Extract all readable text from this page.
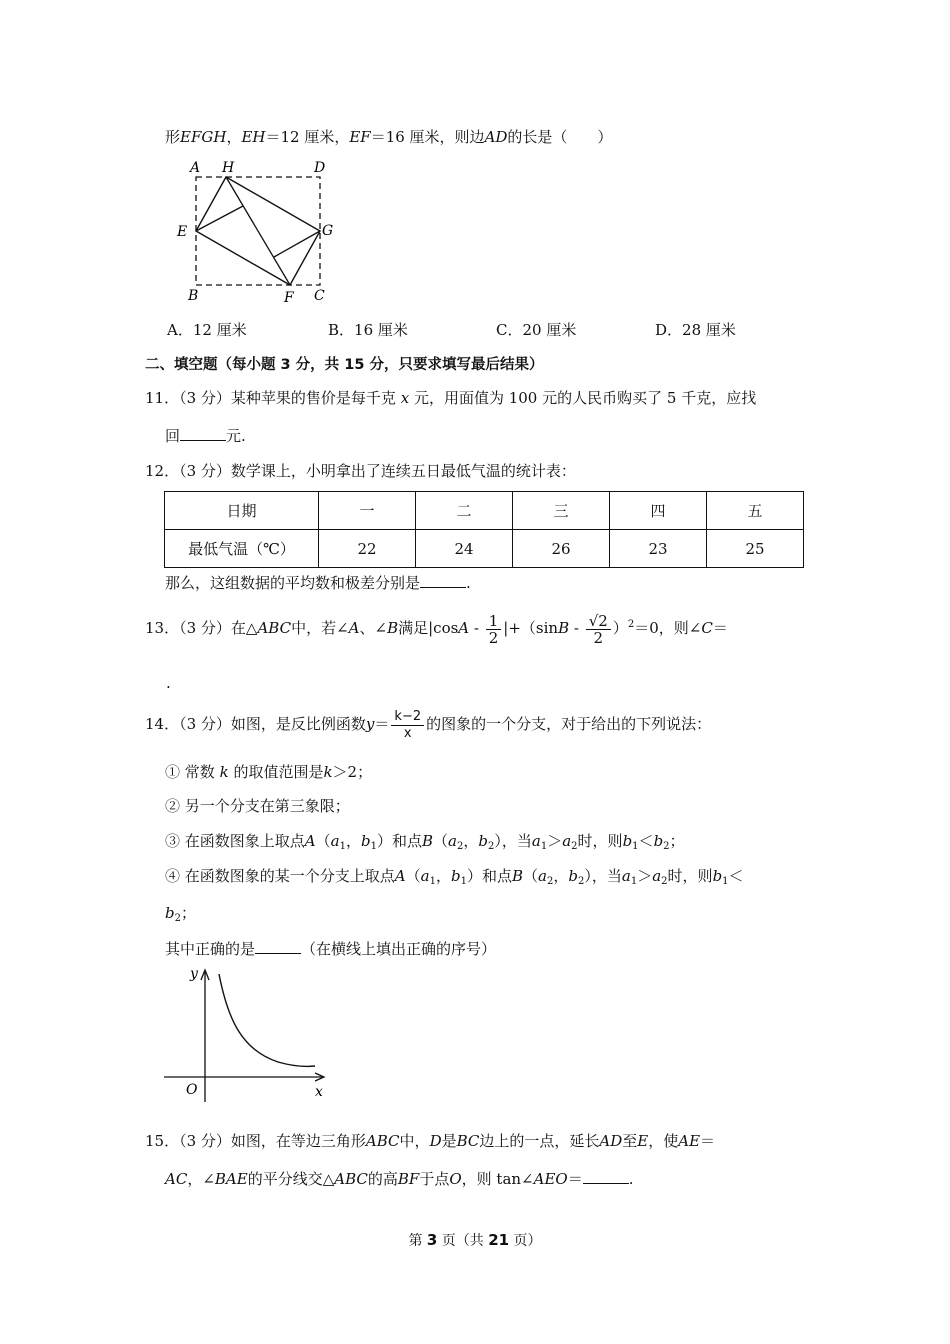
形EFGH，EH＝12 厘米，EF＝16 厘米，则边AD的长是（　　）
A H	D
E	G
B	F C
A．12 厘米	B．16 厘米	C．20 厘米	D．28 厘米
二、填空题（每小题 3 分，共 15 分，只要求填写最后结果）
11．（3 分）某种苹果的售价是每千克 x 元，用面值为 100 元的人民币购买了 5 千克，应找
回	元.
12．（3 分）数学课上，小明拿出了连续五日最低气温的统计表：
日期	一	二	三	四	五
最低气温（℃）	22	24	26	23	25
那么，这组数据的平均数和极差分别是	.
13．（3 分）在△ABC中，若∠A、∠B满足$|\cos A - \frac{1}{2} |+(\sin B - \frac{√2}{2} )^2=0$，则∠C＝
.
14．（3 分）如图，是反比例函数$y= \frac{k-2}{x}$ 的图象的一个分支，对于给出的下列说法：
① 常数 k 的取值范围是k＞2；
② 另一个分支在第三象限；
③ 在函数图象上取点$A(a_1$，$b_1$）和点$B(a_2$，$b_2$），当$a_1>a_2$时，则$b_1<b_2$；
④ 在函数图象的某一个分支上取点$A(a_1$，$b_1$）和点$B(a_2$，$b_2$），当$a_1>a_2$时，则$b_1<$
$b_2$；
其中正确的是	（在横线上填出正确的序号）
y
O	x
15．（3 分）如图，在等边三角形ABC中，D是BC边上的一点，延长AD至E，使AE＝
AC，∠BAE的平分线交△ABC的高BF于点O，则 tan∠AEO＝	.
第 3 页（共 21 页）
